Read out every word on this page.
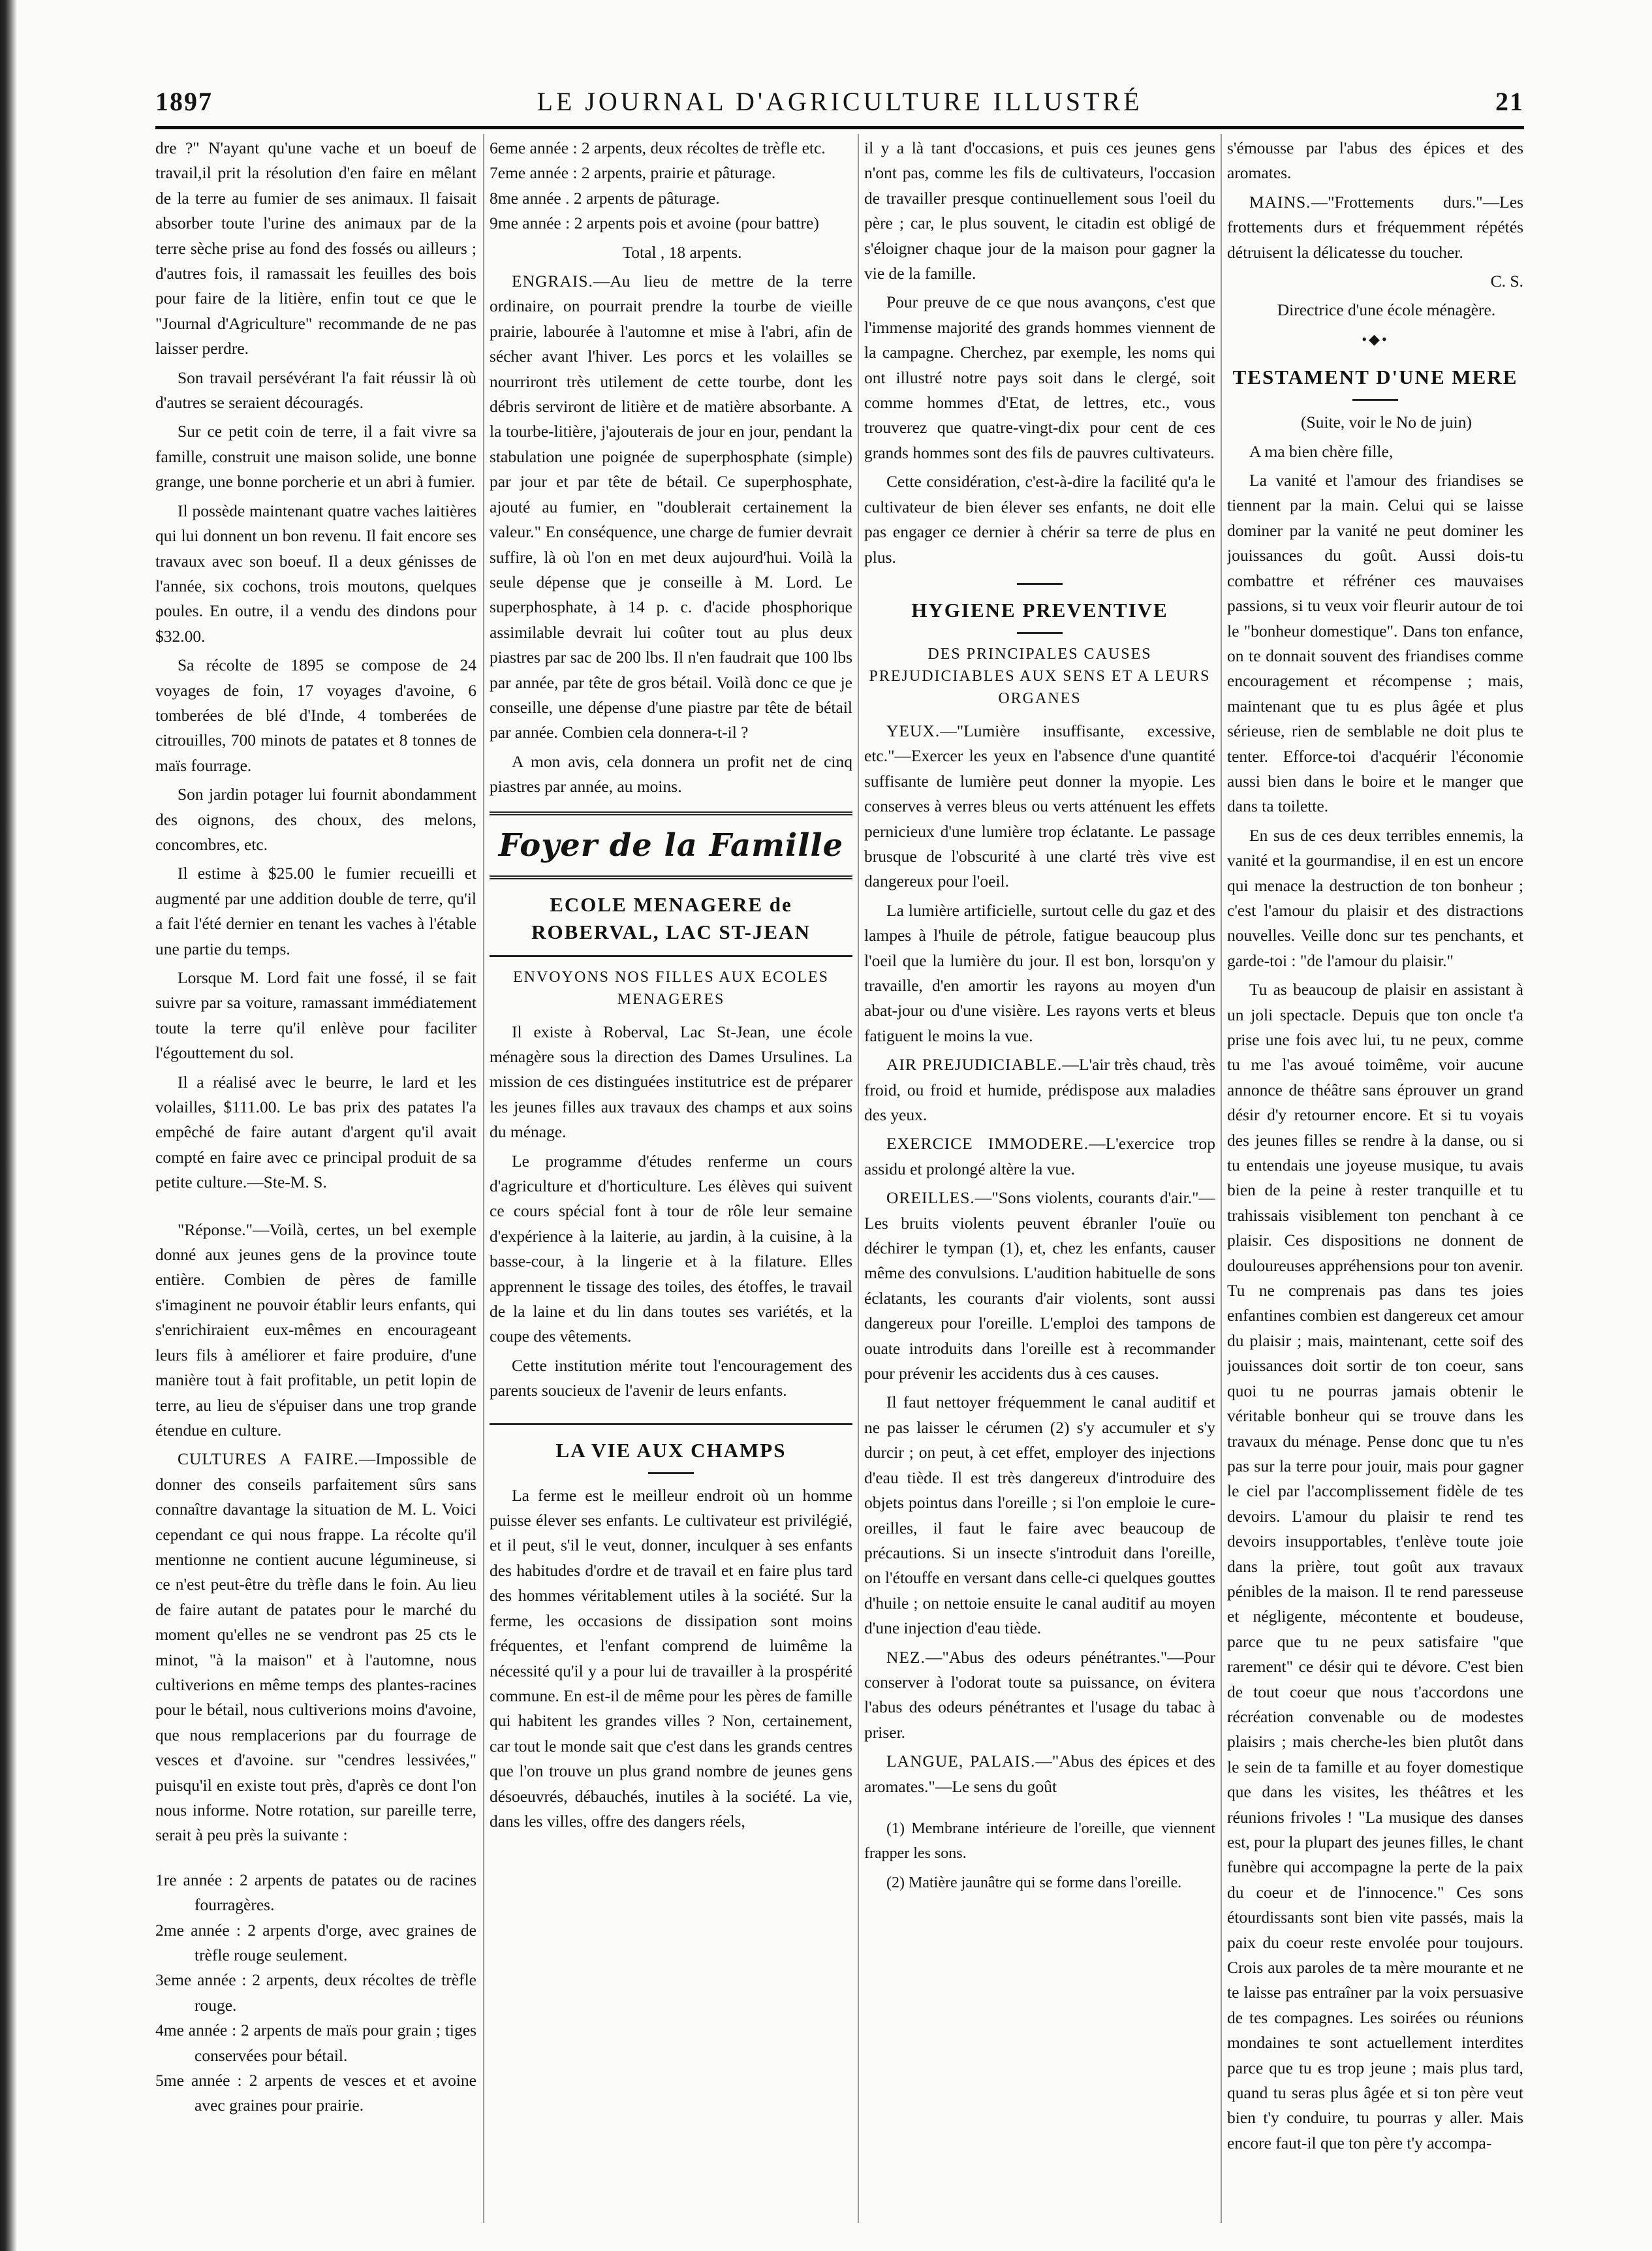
1897	LE JOURNAL D'AGRICULTURE ILLUSTRÉ	21

dre ?" N'ayant qu'une vache et un boeuf de travail,il prit la résolution d'en faire en mêlant de la terre au fumier de ses animaux. Il faisait absorber toute l'urine des animaux par de la terre sèche prise au fond des fossés ou ailleurs ; d'autres fois, il ramassait les feuilles des bois pour faire de la litière, enfin tout ce que le "Journal d'Agriculture" recommande de ne pas laisser perdre.

Son travail persévérant l'a fait réussir là où d'autres se seraient découragés.

Sur ce petit coin de terre, il a fait vivre sa famille, construit une maison solide, une bonne grange, une bonne porcherie et un abri à fumier.

Il possède maintenant quatre vaches laitières qui lui donnent un bon revenu. Il fait encore ses travaux avec son boeuf. Il a deux génisses de l'année, six cochons, trois moutons, quelques poules. En outre, il a vendu des dindons pour $32.00.

Sa récolte de 1895 se compose de 24 voyages de foin, 17 voyages d'avoine, 6 tomberées de blé d'Inde, 4 tomberées de citrouilles, 700 minots de patates et 8 tonnes de maïs fourrage.

Son jardin potager lui fournit abondamment des oignons, des choux, des melons, concombres, etc.

Il estime à $25.00 le fumier recueilli et augmenté par une addition double de terre, qu'il a fait l'été dernier en tenant les vaches à l'étable une partie du temps.

Lorsque M. Lord fait une fossé, il se fait suivre par sa voiture, ramassant immédiatement toute la terre qu'il enlève pour faciliter l'égouttement du sol.

Il a réalisé avec le beurre, le lard et les volailles, $111.00. Le bas prix des patates l'a empêché de faire autant d'argent qu'il avait compté en faire avec ce principal produit de sa petite culture.—Ste-M. S.

"Réponse."—Voilà, certes, un bel exemple donné aux jeunes gens de la province toute entière. Combien de pères de famille s'imaginent ne pouvoir établir leurs enfants, qui s'enrichiraient eux-mêmes en encourageant leurs fils à améliorer et faire produire, d'une manière tout à fait profitable, un petit lopin de terre, au lieu de s'épuiser dans une trop grande étendue en culture.

CULTURES A FAIRE.—Impossible de donner des conseils parfaitement sûrs sans connaître davantage la situation de M. L. Voici cependant ce qui nous frappe. La récolte qu'il mentionne ne contient aucune légumineuse, si ce n'est peut-être du trèfle dans le foin. Au lieu de faire autant de patates pour le marché du moment qu'elles ne se vendront pas 25 cts le minot, "à la maison" et à l'automne, nous cultiverions en même temps des plantes-racines pour le bétail, nous cultiverions moins d'avoine, que nous remplacerions par du fourrage de vesces et d'avoine. sur "cendres lessivées," puisqu'il en existe tout près, d'après ce dont l'on nous informe. Notre rotation, sur pareille terre, serait à peu près la suivante :

1re année : 2 arpents de patates ou de racines fourragères.
2me année : 2 arpents d'orge, avec graines de trèfle rouge seulement.
3eme année : 2 arpents, deux récoltes de trèfle rouge.
4me année : 2 arpents de maïs pour grain ; tiges conservées pour bétail.
5me année : 2 arpents de vesces et et avoine avec graines pour prairie.
6eme année : 2 arpents, deux récoltes de trèfle etc.
7eme année : 2 arpents, prairie et pâturage.
8me année . 2 arpents de pâturage.
9me année : 2 arpents pois et avoine (pour battre)

Total , 18 arpents.

ENGRAIS.—Au lieu de mettre de la terre ordinaire, on pourrait prendre la tourbe de vieille prairie, labourée à l'automne et mise à l'abri, afin de sécher avant l'hiver. Les porcs et les volailles se nourriront très utilement de cette tourbe, dont les débris serviront de litière et de matière absorbante. A la tourbe-litière, j'ajouterais de jour en jour, pendant la stabulation une poignée de superphosphate (simple) par jour et par tête de bétail. Ce superphosphate, ajouté au fumier, en "doublerait certainement la valeur." En conséquence, une charge de fumier devrait suffire, là où l'on en met deux aujourd'hui. Voilà la seule dépense que je conseille à M. Lord. Le superphosphate, à 14 p. c. d'acide phosphorique assimilable devrait lui coûter tout au plus deux piastres par sac de 200 lbs. Il n'en faudrait que 100 lbs par année, par tête de gros bétail. Voilà donc ce que je conseille, une dépense d'une piastre par tête de bétail par année. Combien cela donnera-t-il ?

A mon avis, cela donnera un profit net de cinq piastres par année, au moins.

Foyer de la Famille
ECOLE MENAGERE de ROBERVAL, LAC ST-JEAN
ENVOYONS NOS FILLES AUX ECOLES MENAGERES

Il existe à Roberval, Lac St-Jean, une école ménagère sous la direction des Dames Ursulines. La mission de ces distinguées institutrice est de préparer les jeunes filles aux travaux des champs et aux soins du ménage.

Le programme d'études renferme un cours d'agriculture et d'horticulture. Les élèves qui suivent ce cours spécial font à tour de rôle leur semaine d'expérience à la laiterie, au jardin, à la cuisine, à la basse-cour, à la lingerie et à la filature. Elles apprennent le tissage des toiles, des étoffes, le travail de la laine et du lin dans toutes ses variétés, et la coupe des vêtements.

Cette institution mérite tout l'encouragement des parents soucieux de l'avenir de leurs enfants.

LA VIE AUX CHAMPS

La ferme est le meilleur endroit où un homme puisse élever ses enfants. Le cultivateur est privilégié, et il peut, s'il le veut, donner, inculquer à ses enfants des habitudes d'ordre et de travail et en faire plus tard des hommes véritablement utiles à la société. Sur la ferme, les occasions de dissipation sont moins fréquentes, et l'enfant comprend de luimême la nécessité qu'il y a pour lui de travailler à la prospérité commune. En est-il de même pour les pères de famille qui habitent les grandes villes ? Non, certainement, car tout le monde sait que c'est dans les grands centres que l'on trouve un plus grand nombre de jeunes gens désoeuvrés, débauchés, inutiles à la société. La vie, dans les villes, offre des dangers réels,

il y a là tant d'occasions, et puis ces jeunes gens n'ont pas, comme les fils de cultivateurs, l'occasion de travailler presque continuellement sous l'oeil du père ; car, le plus souvent, le citadin est obligé de s'éloigner chaque jour de la maison pour gagner la vie de la famille.

Pour preuve de ce que nous avançons, c'est que l'immense majorité des grands hommes viennent de la campagne. Cherchez, par exemple, les noms qui ont illustré notre pays soit dans le clergé, soit comme hommes d'Etat, de lettres, etc., vous trouverez que quatre-vingt-dix pour cent de ces grands hommes sont des fils de pauvres cultivateurs.

Cette considération, c'est-à-dire la facilité qu'a le cultivateur de bien élever ses enfants, ne doit elle pas engager ce dernier à chérir sa terre de plus en plus.

HYGIENE PREVENTIVE
DES PRINCIPALES CAUSES PREJUDICIABLES AUX SENS ET A LEURS ORGANES

YEUX.—"Lumière insuffisante, excessive, etc."—Exercer les yeux en l'absence d'une quantité suffisante de lumière peut donner la myopie. Les conserves à verres bleus ou verts atténuent les effets pernicieux d'une lumière trop éclatante. Le passage brusque de l'obscurité à une clarté très vive est dangereux pour l'oeil.

La lumière artificielle, surtout celle du gaz et des lampes à l'huile de pétrole, fatigue beaucoup plus l'oeil que la lumière du jour. Il est bon, lorsqu'on y travaille, d'en amortir les rayons au moyen d'un abat-jour ou d'une visière. Les rayons verts et bleus fatiguent le moins la vue.

AIR PREJUDICIABLE.—L'air très chaud, très froid, ou froid et humide, prédispose aux maladies des yeux.

EXERCICE IMMODERE.—L'exercice trop assidu et prolongé altère la vue.

OREILLES.—"Sons violents, courants d'air."—Les bruits violents peuvent ébranler l'ouïe ou déchirer le tympan (1), et, chez les enfants, causer même des convulsions. L'audition habituelle de sons éclatants, les courants d'air violents, sont aussi dangereux pour l'oreille. L'emploi des tampons de ouate introduits dans l'oreille est à recommander pour prévenir les accidents dus à ces causes.

Il faut nettoyer fréquemment le canal auditif et ne pas laisser le cérumen (2) s'y accumuler et s'y durcir ; on peut, à cet effet, employer des injections d'eau tiède. Il est très dangereux d'introduire des objets pointus dans l'oreille ; si l'on emploie le cure-oreilles, il faut le faire avec beaucoup de précautions. Si un insecte s'introduit dans l'oreille, on l'étouffe en versant dans celle-ci quelques gouttes d'huile ; on nettoie ensuite le canal auditif au moyen d'une injection d'eau tiède.

NEZ.—"Abus des odeurs pénétrantes."—Pour conserver à l'odorat toute sa puissance, on évitera l'abus des odeurs pénétrantes et l'usage du tabac à priser.

LANGUE, PALAIS.—"Abus des épices et des aromates."—Le sens du goût

(1) Membrane intérieure de l'oreille, que viennent frapper les sons.

(2) Matière jaunâtre qui se forme dans l'oreille.

s'émousse par l'abus des épices et des aromates.

MAINS.—"Frottements durs."—Les frottements durs et fréquemment répétés détruisent la délicatesse du toucher.

C. S.

Directrice d'une école ménagère.

•◆•
TESTAMENT D'UNE MERE

(Suite, voir le No de juin)

A ma bien chère fille,

La vanité et l'amour des friandises se tiennent par la main. Celui qui se laisse dominer par la vanité ne peut dominer les jouissances du goût. Aussi dois-tu combattre et réfréner ces mauvaises passions, si tu veux voir fleurir autour de toi le "bonheur domestique". Dans ton enfance, on te donnait souvent des friandises comme encouragement et récompense ; mais, maintenant que tu es plus âgée et plus sérieuse, rien de semblable ne doit plus te tenter. Efforce-toi d'acquérir l'économie aussi bien dans le boire et le manger que dans ta toilette.

En sus de ces deux terribles ennemis, la vanité et la gourmandise, il en est un encore qui menace la destruction de ton bonheur ; c'est l'amour du plaisir et des distractions nouvelles. Veille donc sur tes penchants, et garde-toi : "de l'amour du plaisir."

Tu as beaucoup de plaisir en assistant à un joli spectacle. Depuis que ton oncle t'a prise une fois avec lui, tu ne peux, comme tu me l'as avoué toimême, voir aucune annonce de théâtre sans éprouver un grand désir d'y retourner encore. Et si tu voyais des jeunes filles se rendre à la danse, ou si tu entendais une joyeuse musique, tu avais bien de la peine à rester tranquille et tu trahissais visiblement ton penchant à ce plaisir. Ces dispositions ne donnent de douloureuses appréhensions pour ton avenir. Tu ne comprenais pas dans tes joies enfantines combien est dangereux cet amour du plaisir ; mais, maintenant, cette soif des jouissances doit sortir de ton coeur, sans quoi tu ne pourras jamais obtenir le véritable bonheur qui se trouve dans les travaux du ménage. Pense donc que tu n'es pas sur la terre pour jouir, mais pour gagner le ciel par l'accomplissement fidèle de tes devoirs. L'amour du plaisir te rend tes devoirs insupportables, t'enlève toute joie dans la prière, tout goût aux travaux pénibles de la maison. Il te rend paresseuse et négligente, mécontente et boudeuse, parce que tu ne peux satisfaire "que rarement" ce désir qui te dévore. C'est bien de tout coeur que nous t'accordons une récréation convenable ou de modestes plaisirs ; mais cherche-les bien plutôt dans le sein de ta famille et au foyer domestique que dans les visites, les théâtres et les réunions frivoles ! "La musique des danses est, pour la plupart des jeunes filles, le chant funèbre qui accompagne la perte de la paix du coeur et de l'innocence." Ces sons étourdissants sont bien vite passés, mais la paix du coeur reste envolée pour toujours. Crois aux paroles de ta mère mourante et ne te laisse pas entraîner par la voix persuasive de tes compagnes. Les soirées ou réunions mondaines te sont actuellement interdites parce que tu es trop jeune ; mais plus tard, quand tu seras plus âgée et si ton père veut bien t'y conduire, tu pourras y aller. Mais encore faut-il que ton père t'y accompa-
